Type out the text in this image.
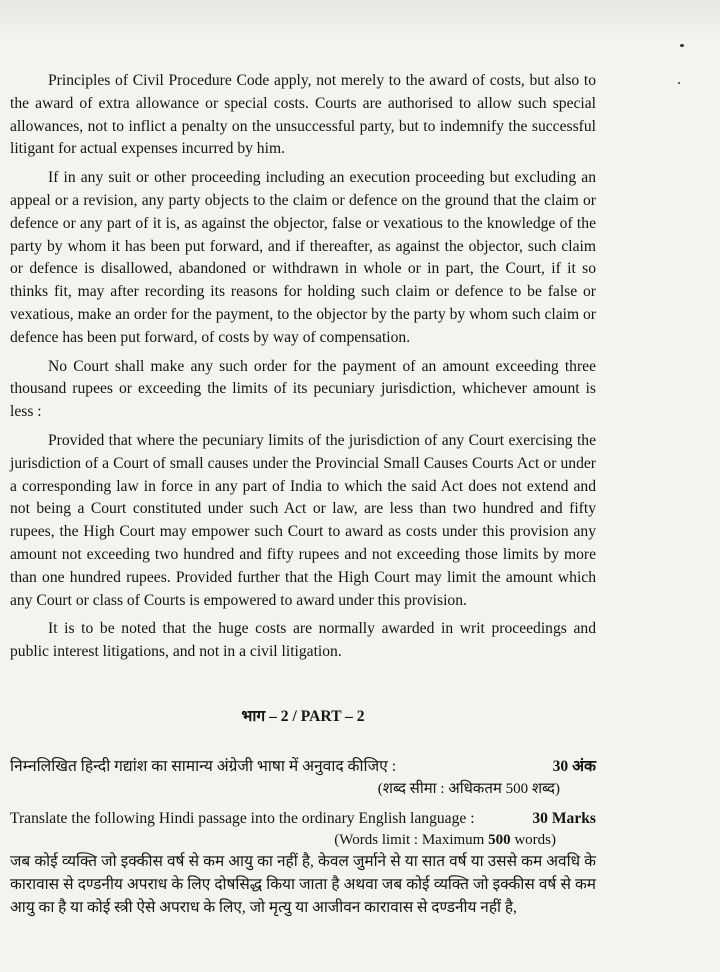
Principles of Civil Procedure Code apply, not merely to the award of costs, but also to the award of extra allowance or special costs. Courts are authorised to allow such special allowances, not to inflict a penalty on the unsuccessful party, but to indemnify the successful litigant for actual expenses incurred by him.

If in any suit or other proceeding including an execution proceeding but excluding an appeal or a revision, any party objects to the claim or defence on the ground that the claim or defence or any part of it is, as against the objector, false or vexatious to the knowledge of the party by whom it has been put forward, and if thereafter, as against the objector, such claim or defence is disallowed, abandoned or withdrawn in whole or in part, the Court, if it so thinks fit, may after recording its reasons for holding such claim or defence to be false or vexatious, make an order for the payment, to the objector by the party by whom such claim or defence has been put forward, of costs by way of compensation.

No Court shall make any such order for the payment of an amount exceeding three thousand rupees or exceeding the limits of its pecuniary jurisdiction, whichever amount is less :

Provided that where the pecuniary limits of the jurisdiction of any Court exercising the jurisdiction of a Court of small causes under the Provincial Small Causes Courts Act or under a corresponding law in force in any part of India to which the said Act does not extend and not being a Court constituted under such Act or law, are less than two hundred and fifty rupees, the High Court may empower such Court to award as costs under this provision any amount not exceeding two hundred and fifty rupees and not exceeding those limits by more than one hundred rupees. Provided further that the High Court may limit the amount which any Court or class of Courts is empowered to award under this provision.

It is to be noted that the huge costs are normally awarded in writ proceedings and public interest litigations, and not in a civil litigation.

भाग – 2 / PART – 2
निम्नलिखित हिन्दी गद्यांश का सामान्य अंग्रेजी भाषा में अनुवाद कीजिए :	30 अंक
(शब्द सीमा : अधिकतम 500 शब्द)
Translate the following Hindi passage into the ordinary English language :	30 Marks
(Words limit : Maximum 500 words)

जब कोई व्यक्ति जो इक्कीस वर्ष से कम आयु का नहीं है, केवल जुर्माने से या सात वर्ष या उससे कम अवधि के कारावास से दण्डनीय अपराध के लिए दोषसिद्ध किया जाता है अथवा जब कोई व्यक्ति जो इक्कीस वर्ष से कम आयु का है या कोई स्त्री ऐसे अपराध के लिए, जो मृत्यु या आजीवन कारावास से दण्डनीय नहीं है,
